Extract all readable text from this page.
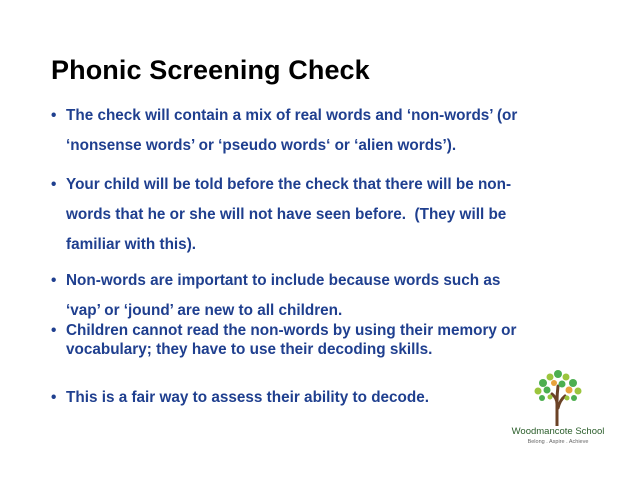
Phonic Screening Check
• The check will contain a mix of real words and ‘non-words’ (or
‘nonsense words’ or ‘pseudo words‘ or ‘alien words’).
• Your child will be told before the check that there will be non-
words that he or she will not have seen before.  (They will be
familiar with this).
• Non-words are important to include because words such as
‘vap’ or ‘jound’ are new to all children.
• Children cannot read the non-words by using their memory or
vocabulary; they have to use their decoding skills.
• This is a fair way to assess their ability to decode.
Woodmancote School
Belong . Aspire . Achieve
